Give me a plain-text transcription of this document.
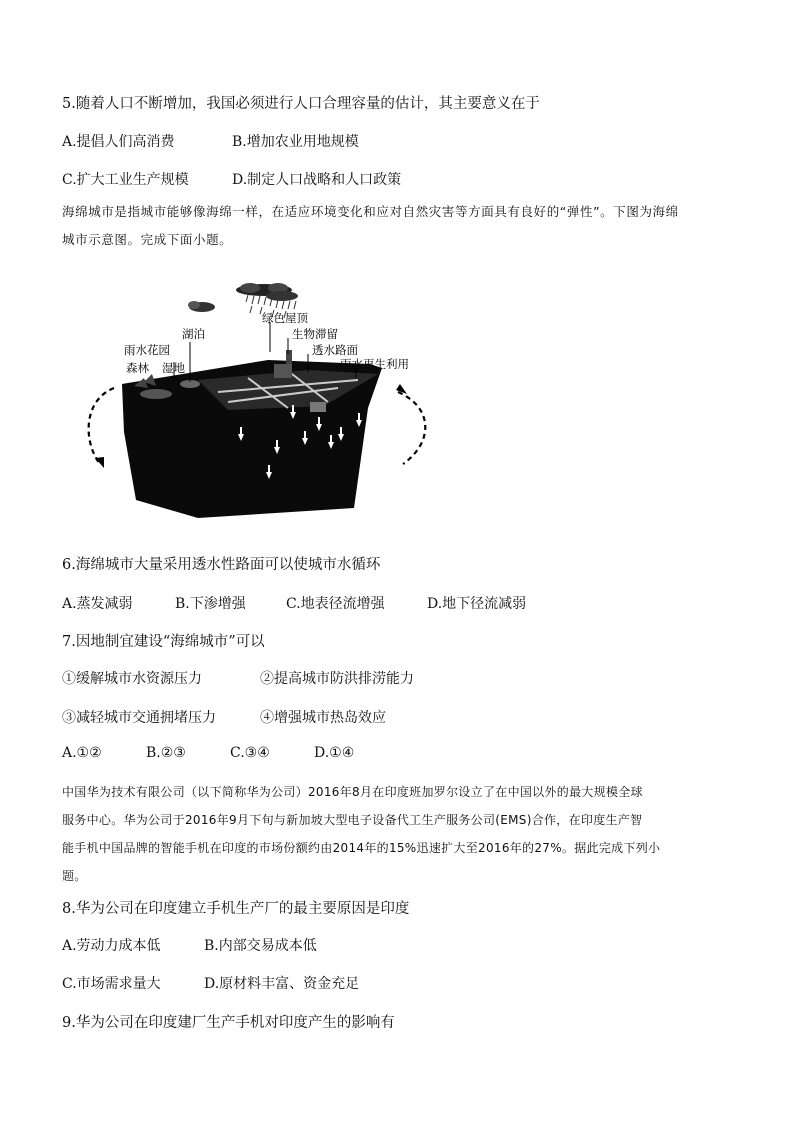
5.随着人口不断增加，我国必须进行人口合理容量的估计，其主要意义在于
A.提倡人们高消费	B.增加农业用地规模
C.扩大工业生产规模	D.制定人口战略和人口政策
海绵城市是指城市能够像海绵一样，在适应环境变化和应对自然灾害等方面具有良好的“弹性”。下图为海绵
城市示意图。完成下面小题。
湖泊
绿色屋顶
生物滞留
雨水花园	透水路面
森林 湿地	雨水再生利用
6.海绵城市大量采用透水性路面可以使城市水循环
A.蒸发减弱	B.下渗增强	C.地表径流增强	D.地下径流减弱
7.因地制宜建设“海绵城市”可以
①缓解城市水资源压力	②提高城市防洪排涝能力
③减轻城市交通拥堵压力	④增强城市热岛效应
A.①②	B.②③	C.③④	D.①④
中国华为技术有限公司（以下简称华为公司）2016年8月在印度班加罗尔设立了在中国以外的最大规模全球
服务中心。华为公司于2016年9月下旬与新加坡大型电子设备代工生产服务公司(EMS)合作，在印度生产智
能手机中国品牌的智能手机在印度的市场份额约由2014年的15%迅速扩大至2016年的27%。据此完成下列小
题。
8.华为公司在印度建立手机生产厂的最主要原因是印度
A.劳动力成本低	B.内部交易成本低
C.市场需求量大	D.原材料丰富、资金充足
9.华为公司在印度建厂生产手机对印度产生的影响有
